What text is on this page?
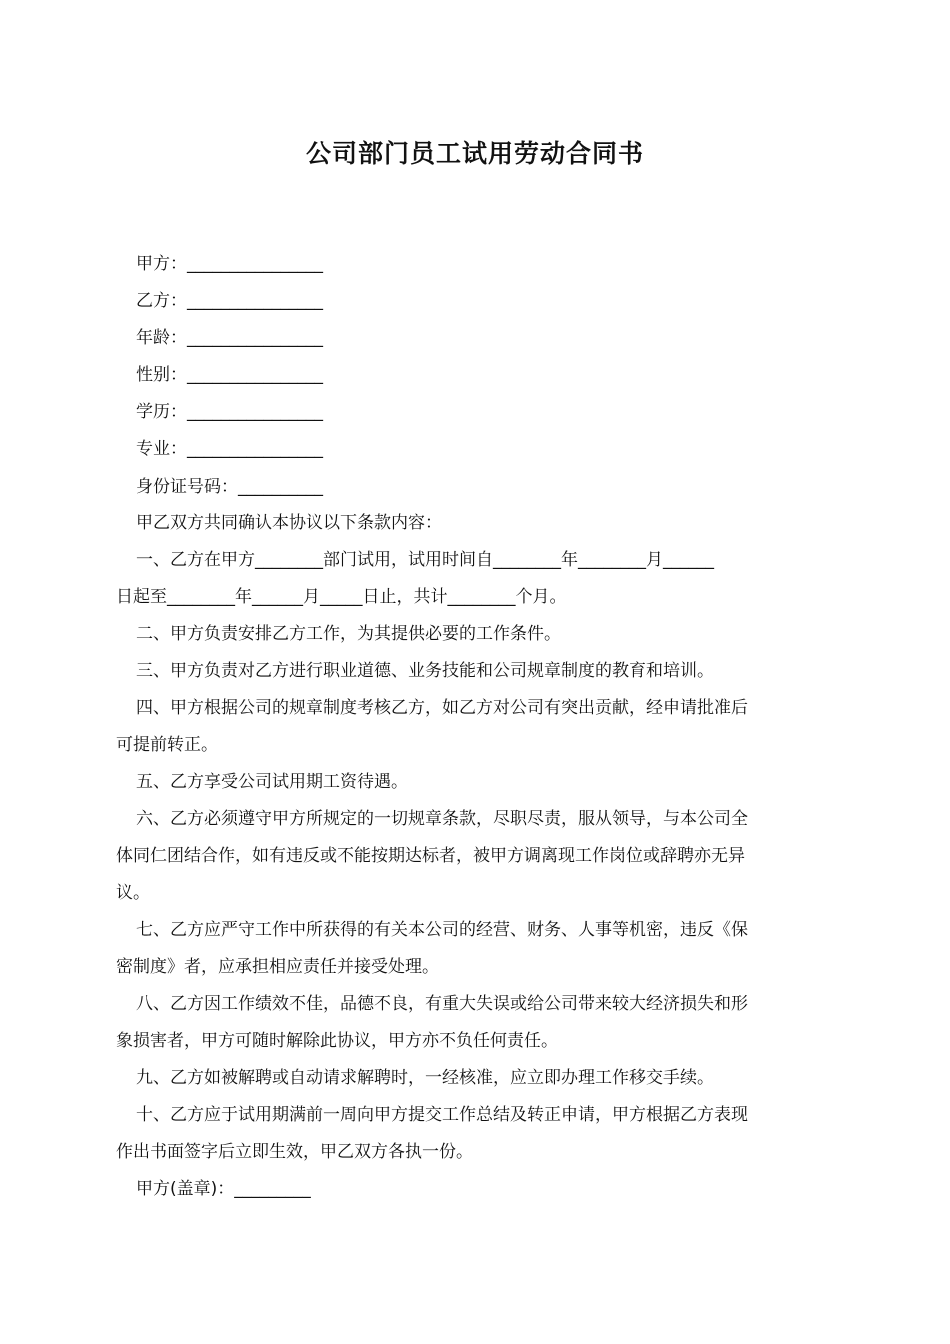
公司部门员工试用劳动合同书
甲方：________________
乙方：________________
年龄：________________
性别：________________
学历：________________
专业：________________
身份证号码：__________

甲乙双方共同确认本协议以下条款内容：

一、乙方在甲方________部门试用，试用时间自________年________月______

日起至________年______月_____日止，共计________个月。

二、甲方负责安排乙方工作，为其提供必要的工作条件。

三、甲方负责对乙方进行职业道德、业务技能和公司规章制度的教育和培训。

四、甲方根据公司的规章制度考核乙方，如乙方对公司有突出贡献，经申请批准后

可提前转正。

五、乙方享受公司试用期工资待遇。

六、乙方必须遵守甲方所规定的一切规章条款，尽职尽责，服从领导，与本公司全

体同仁团结合作，如有违反或不能按期达标者，被甲方调离现工作岗位或辞聘亦无异

议。

七、乙方应严守工作中所获得的有关本公司的经营、财务、人事等机密，违反《保

密制度》者，应承担相应责任并接受处理。

八、乙方因工作绩效不佳，品德不良，有重大失误或给公司带来较大经济损失和形

象损害者，甲方可随时解除此协议，甲方亦不负任何责任。

九、乙方如被解聘或自动请求解聘时，一经核准，应立即办理工作移交手续。

十、乙方应于试用期满前一周向甲方提交工作总结及转正申请，甲方根据乙方表现

作出书面签字后立即生效，甲乙双方各执一份。

甲方(盖章)：_________
